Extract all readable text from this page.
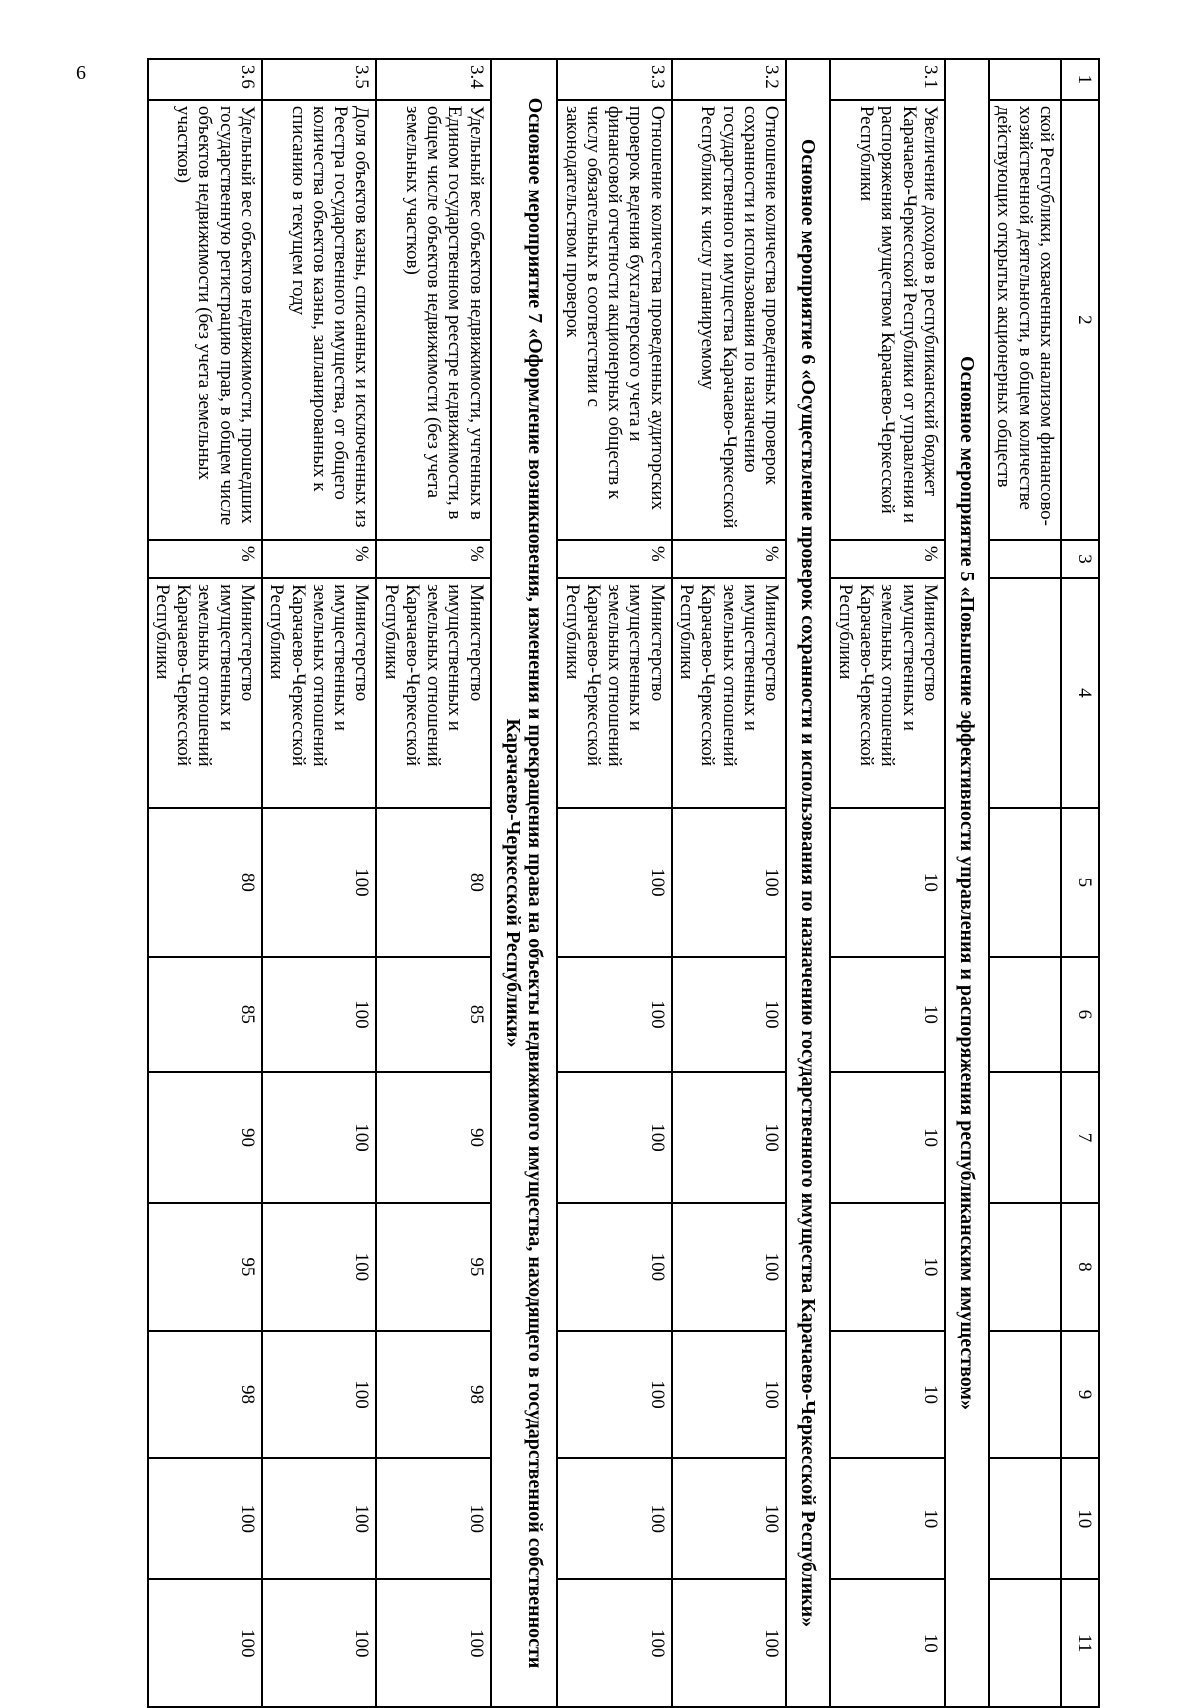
6	1	2	3	4	5	6	7	8	9	10	11
	ской Республики, охваченных анализом финансово-хозяйственной деятельности, в общем количестве действующих открытых акционерных обществ									
Основное мероприятие 5 «Повышение эффективности управления и распоряжения республиканским имуществом»										
3.1	Увеличение доходов в республиканский бюджет Карачаево-Черкесской Республики от управления и распоряжения имуществом Карачаево-Черкесской Республики	%	Министерство имущественных и земельных отношений Карачаево-Черкесской Республики	10	10	10	10	10	10	10
Основное мероприятие 6 «Осуществление проверок сохранности и использования по назначению государственного имущества Карачаево-Черкесской Республики»										
3.2	Отношение количества проведенных проверок сохранности и использования по назначению государственного имущества Карачаево-Черкесской Республики к числу планируемому	%	Министерство имущественных и земельных отношений Карачаево-Черкесской Республики	100	100	100	100	100	100	100
3.3	Отношение количества проведенных аудиторских проверок ведения бухгалтерского учета и финансовой отчетности акционерных обществ к числу обязательных в соответствии с законодательством проверок	%	Министерство имущественных и земельных отношений Карачаево-Черкесской Республики	100	100	100	100	100	100	100
Основное мероприятие 7 «Оформление возникновения, изменения и прекращения права на объекты недвижимого имущества, находящего в государственной собственности Карачаево-Черкесской Республики»										
3.4	Удельный вес объектов недвижимости, учтенных в Едином государственном реестре недвижимости, в общем числе объектов недвижимости (без учета земельных участков)	%	Министерство имущественных и земельных отношений Карачаево-Черкесской Республики	80	85	90	95	98	100	100
3.5	Доля объектов казны, списанных и исключенных из Реестра государственного имущества, от общего количества объектов казны, запланированных к списанию в текущем году	%	Министерство имущественных и земельных отношений Карачаево-Черкесской Республики	100	100	100	100	100	100	100
3.6	Удельный вес объектов недвижимости, прошедших государственную регистрацию прав, в общем числе объектов недвижимости (без учета земельных участков)	%	Министерство имущественных и земельных отношений Карачаево-Черкесской Республики	80	85	90	95	98	100	100
